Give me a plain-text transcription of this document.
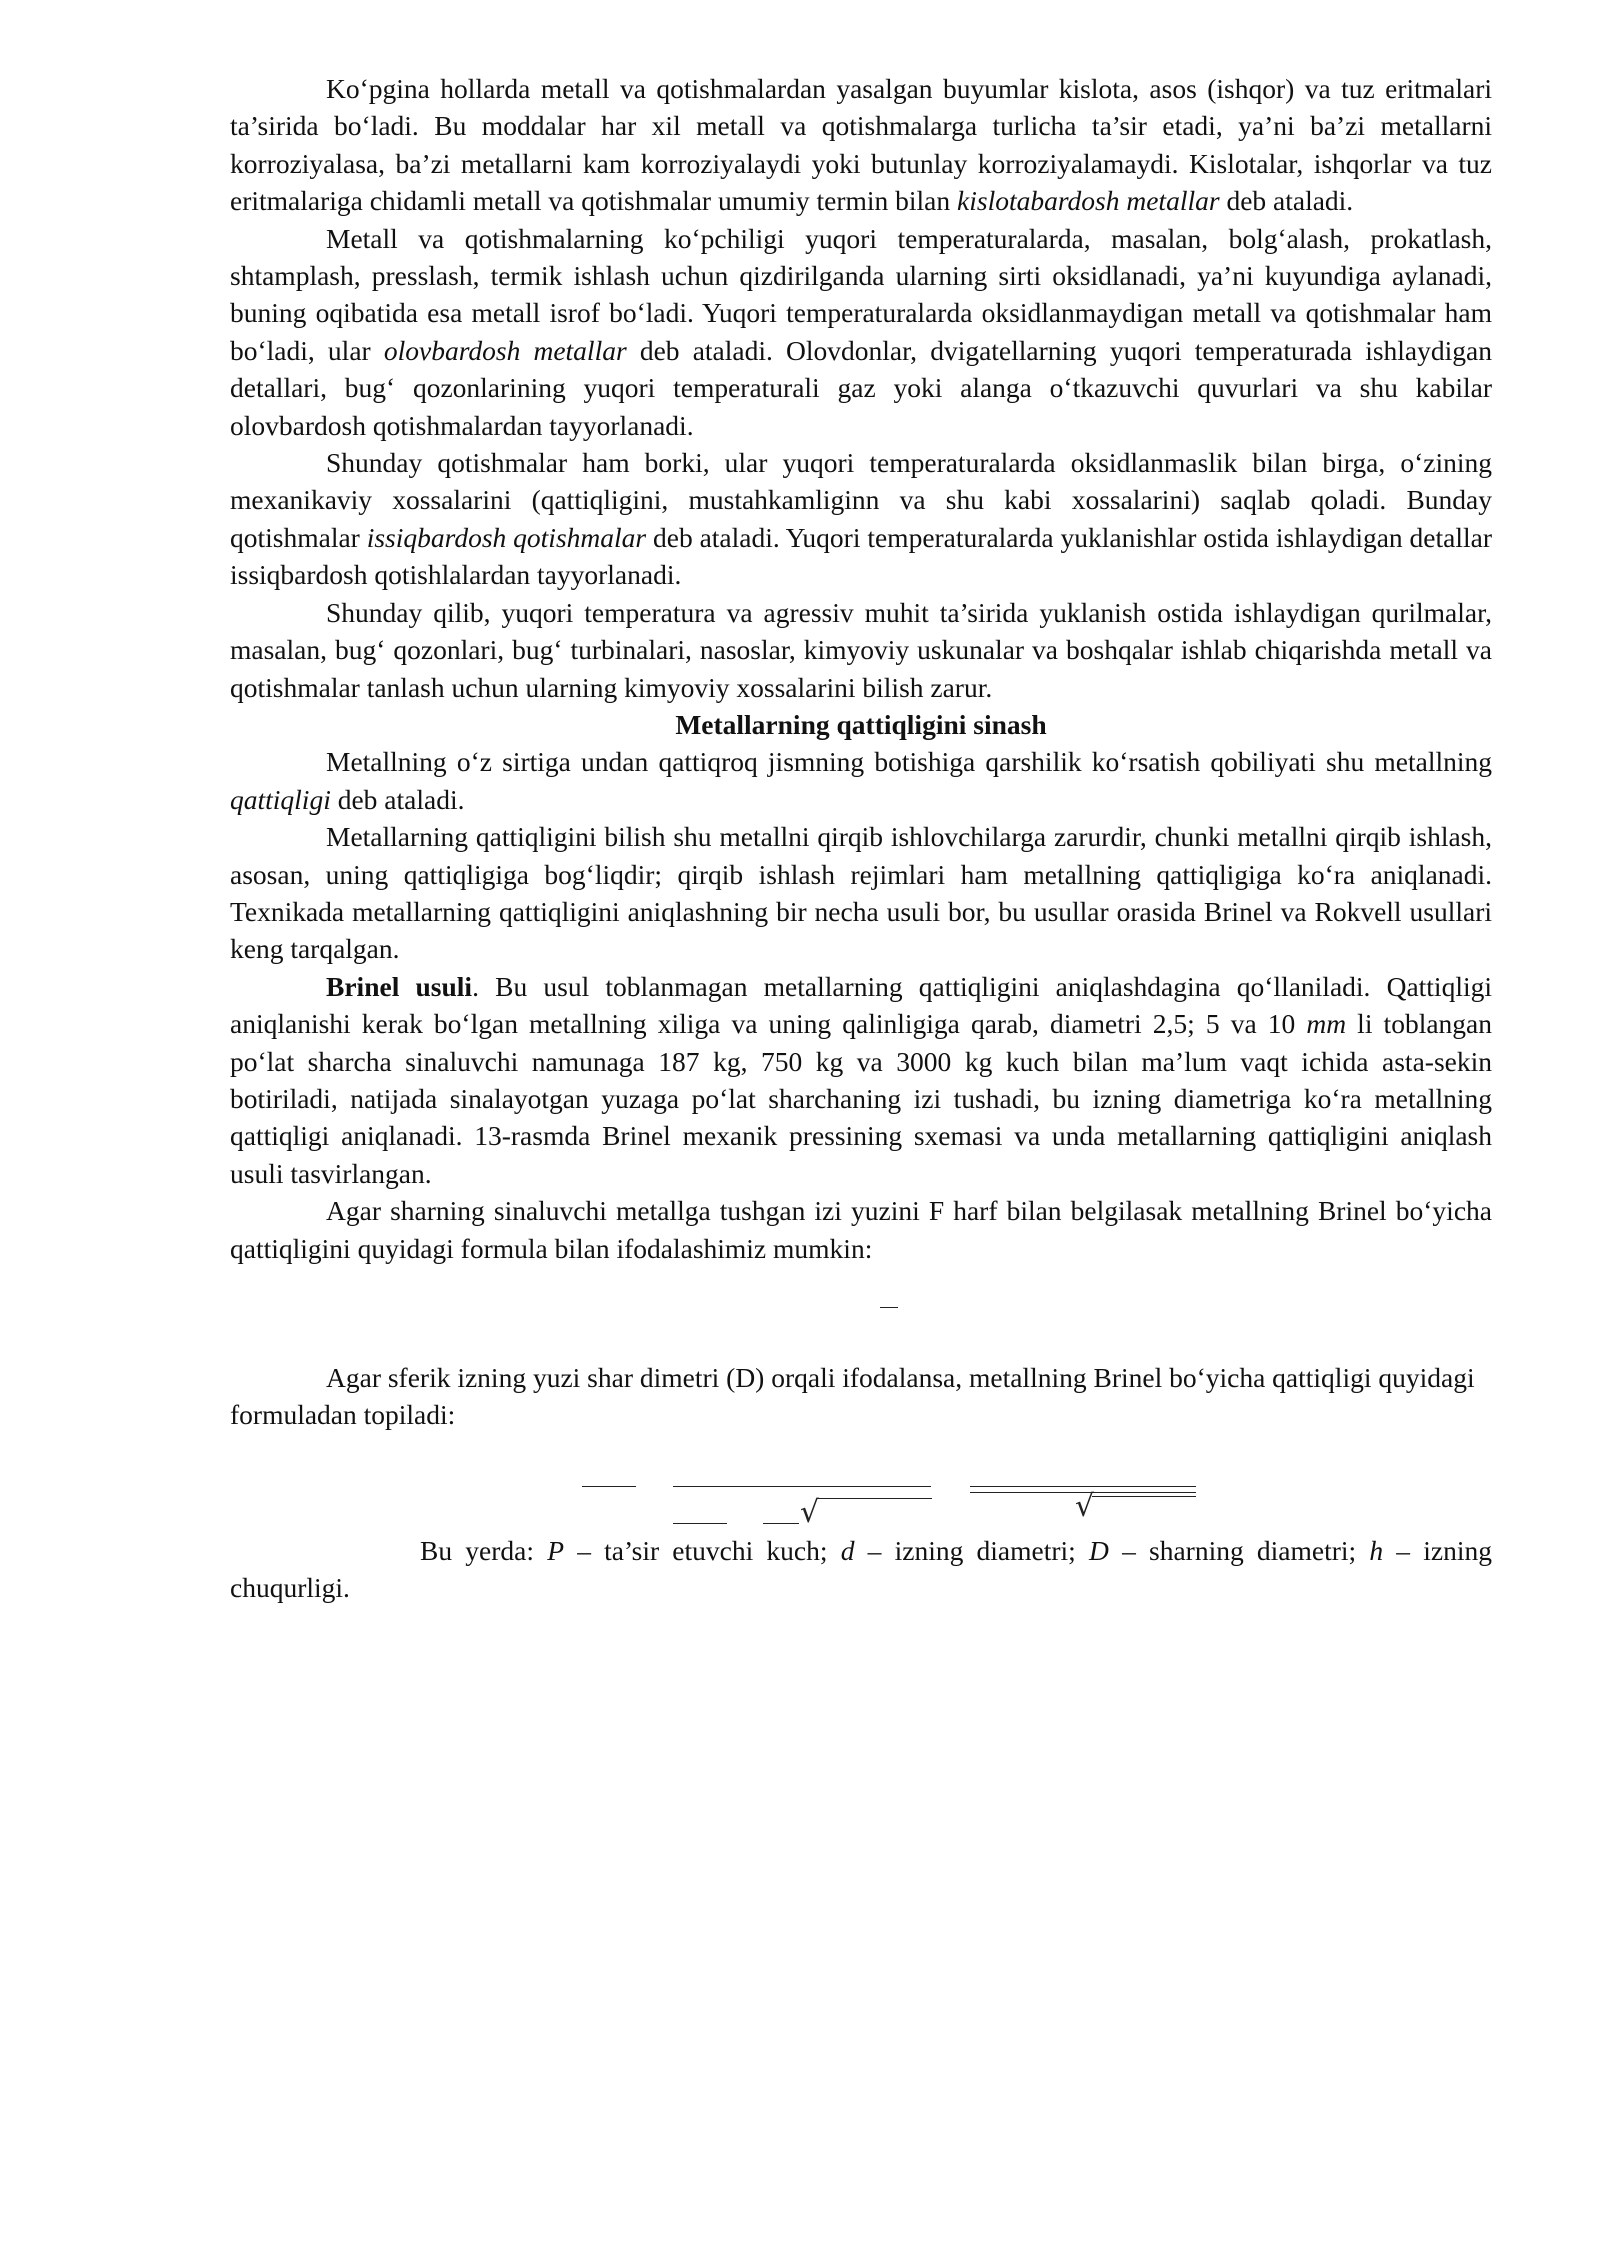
Ko‘pgina hollarda metall va qotishmalardan yasalgan buyumlar kislota, asos (ishqor) va tuz eritmalari ta’sirida bo‘ladi. Bu moddalar har xil metall va qotishmalarga turlicha ta’sir etadi, ya’ni ba’zi metallarni korroziyalasa, ba’zi metallarni kam korroziyalaydi yoki butunlay korroziyalamaydi. Kislotalar, ishqorlar va tuz eritmalariga chidamli metall va qotishmalar umumiy termin bilan kislotabardosh metallar deb ataladi.

Metall va qotishmalarning ko‘pchiligi yuqori temperaturalarda, masalan, bolg‘alash, prokatlash, shtamplash, presslash, termik ishlash uchun qizdirilganda ularning sirti oksidlanadi, ya’ni kuyundiga aylanadi, buning oqibatida esa metall isrof bo‘ladi. Yuqori temperaturalarda oksidlanmaydigan metall va qotishmalar ham bo‘ladi, ular olovbardosh metallar deb ataladi. Olovdonlar, dvigatellarning yuqori temperaturada ishlaydigan detallari, bug‘ qozonlarining yuqori temperaturali gaz yoki alanga o‘tkazuvchi quvurlari va shu kabilar olovbardosh qotishmalardan tayyorlanadi.

Shunday qotishmalar ham borki, ular yuqori temperaturalarda oksidlanmaslik bilan birga, o‘zining mexanikaviy xossalarini (qattiqligini, mustahkamliginn va shu kabi xossalarini) saqlab qoladi. Bunday qotishmalar issiqbardosh qotishmalar deb ataladi. Yuqori temperaturalarda yuklanishlar ostida ishlaydigan detallar issiqbardosh qotishlalardan tayyorlanadi.

Shunday qilib, yuqori temperatura va agressiv muhit ta’sirida yuklanish ostida ishlaydigan qurilmalar, masalan, bug‘ qozonlari, bug‘ turbinalari, nasoslar, kimyoviy uskunalar va boshqalar ishlab chiqarishda metall va qotishmalar tanlash uchun ularning kimyoviy xossalarini bilish zarur.

Metallarning qattiqligini sinash

Metallning o‘z sirtiga undan qattiqroq jismning botishiga qarshilik ko‘rsatish qobiliyati shu metallning qattiqligi deb ataladi.

Metallarning qattiqligini bilish shu metallni qirqib ishlovchilarga zarurdir, chunki metallni qirqib ishlash, asosan, uning qattiqligiga bog‘liqdir; qirqib ishlash rejimlari ham metallning qattiqligiga ko‘ra aniqlanadi. Texnikada metallarning qattiqligini aniqlashning bir necha usuli bor, bu usullar orasida Brinel va Rokvell usullari keng tarqalgan.

Brinel usuli. Bu usul toblanmagan metallarning qattiqligini aniqlashdagina qo‘llaniladi. Qattiqligi aniqlanishi kerak bo‘lgan metallning xiliga va uning qalinligiga qarab, diametri 2,5; 5 va 10 mm li toblangan po‘lat sharcha sinaluvchi namunaga 187 kg, 750 kg va 3000 kg kuch bilan ma’lum vaqt ichida asta-sekin botiriladi, natijada sinalayotgan yuzaga po‘lat sharchaning izi tushadi, bu izning diametriga ko‘ra metallning qattiqligi aniqlanadi. 13-rasmda Brinel mexanik pressining sxemasi va unda metallarning qattiqligini aniqlash usuli tasvirlangan.

Agar sharning sinaluvchi metallga tushgan izi yuzini F harf bilan belgilasak metallning Brinel bo‘yicha qattiqligini quyidagi formula bilan ifodalashimiz mumkin:

Agar sferik izning yuzi shar dimetri (D) orqali ifodalansa, metallning Brinel bo‘yicha qattiqligi quyidagi formuladan topiladi:

√	√

Bu yerda: P – ta’sir etuvchi kuch; d – izning diametri; D – sharning diametri; h – izning chuqurligi.
